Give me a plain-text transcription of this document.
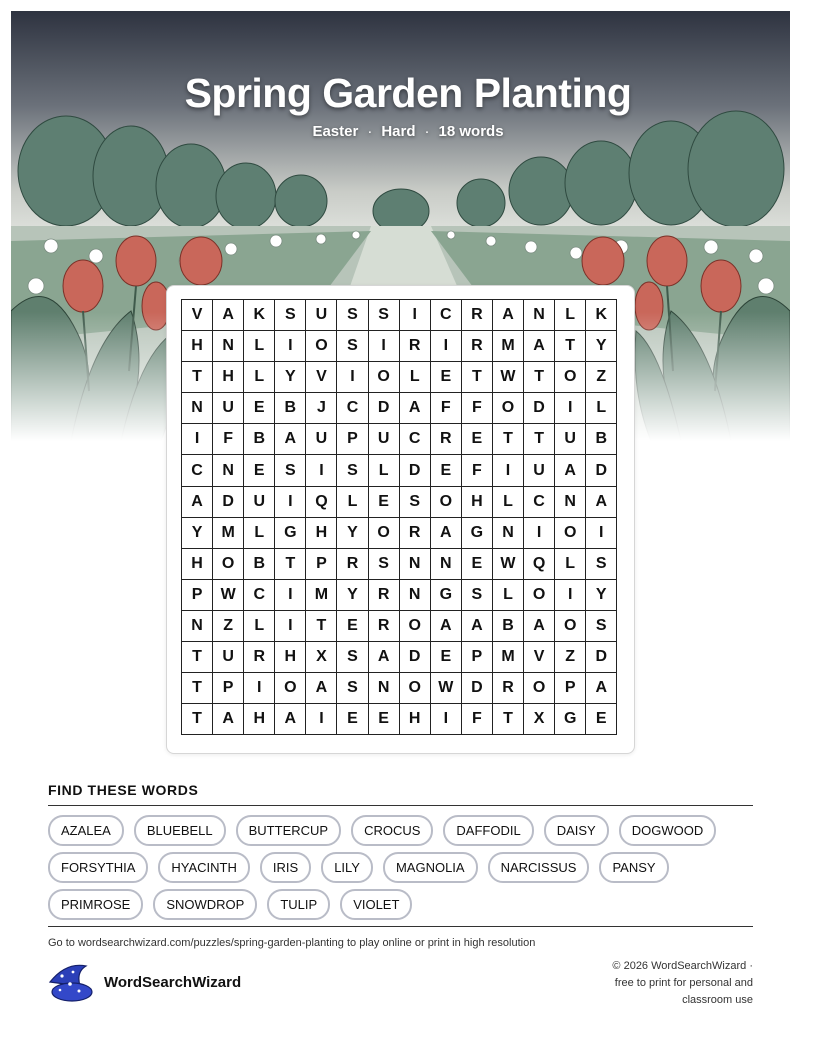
Spring Garden Planting
Easter · Hard · 18 words
V	A	K	S	U	S	S	I	C	R	A	N	L	K
H	N	L	I	O	S	I	R	I	R	M	A	T	Y
T	H	L	Y	V	I	O	L	E	T	W	T	O	Z
N	U	E	B	J	C	D	A	F	F	O	D	I	L
I	F	B	A	U	P	U	C	R	E	T	T	U	B
C	N	E	S	I	S	L	D	E	F	I	U	A	D
A	D	U	I	Q	L	E	S	O	H	L	C	N	A
Y	M	L	G	H	Y	O	R	A	G	N	I	O	I
H	O	B	T	P	R	S	N	N	E	W	Q	L	S
P	W	C	I	M	Y	R	N	G	S	L	O	I	Y
N	Z	L	I	T	E	R	O	A	A	B	A	O	S
T	U	R	H	X	S	A	D	E	P	M	V	Z	D
T	P	I	O	A	S	N	O	W	D	R	O	P	A
T	A	H	A	I	E	E	H	I	F	T	X	G	E
FIND THESE WORDS
AZALEA	BLUEBELL	BUTTERCUP	CROCUS	DAFFODIL	DAISY	DOGWOOD
FORSYTHIA	HYACINTH	IRIS	LILY	MAGNOLIA	NARCISSUS	PANSY
PRIMROSE	SNOWDROP	TULIP	VIOLET
Go to wordsearchwizard.com/puzzles/spring-garden-planting to play online or print in high resolution
WordSearchWizard
© 2026 WordSearchWizard ·
free to print for personal and
classroom use
